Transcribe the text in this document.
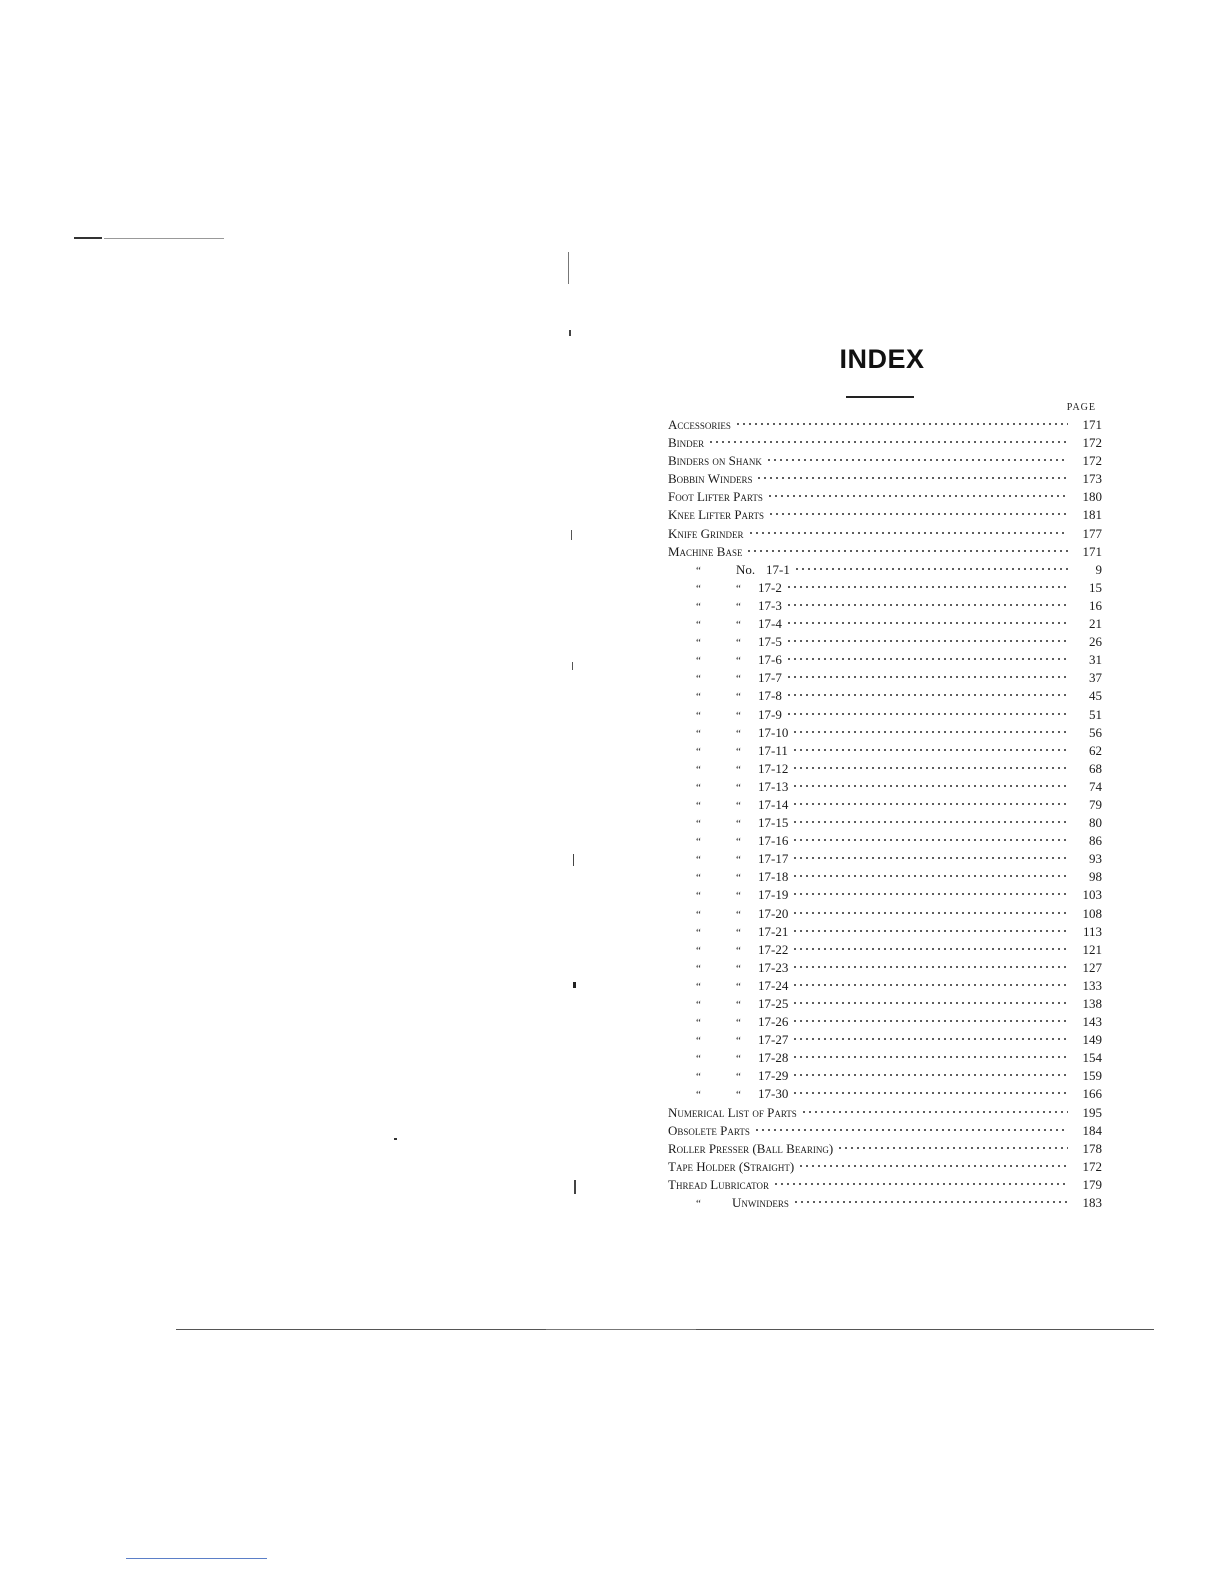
INDEX
PAGE
Accessories	171
Binder	172
Binders on Shank	172
Bobbin Winders	173
Foot Lifter Parts	180
Knee Lifter Parts	181
Knife Grinder	177
Machine Base	171
“	No. 17-1	9
“	“	17-2	15
“	“	17-3	16
“	“	17-4	21
“	“	17-5	26
“	“	17-6	31
“	“	17-7	37
“	“	17-8	45
“	“	17-9	51
“	“	17-10	56
“	“	17-11	62
“	“	17-12	68
“	“	17-13	74
“	“	17-14	79
“	“	17-15	80
“	“	17-16	86
“	“	17-17	93
“	“	17-18	98
“	“	17-19	103
“	“	17-20	108
“	“	17-21	113
“	“	17-22	121
“	“	17-23	127
“	“	17-24	133
“	“	17-25	138
“	“	17-26	143
“	“	17-27	149
“	“	17-28	154
“	“	17-29	159
“	“	17-30	166
Numerical List of Parts	195
Obsolete Parts	184
Roller Presser (Ball Bearing)	178
Tape Holder (Straight)	172
Thread Lubricator	179
“	Unwinders	183
